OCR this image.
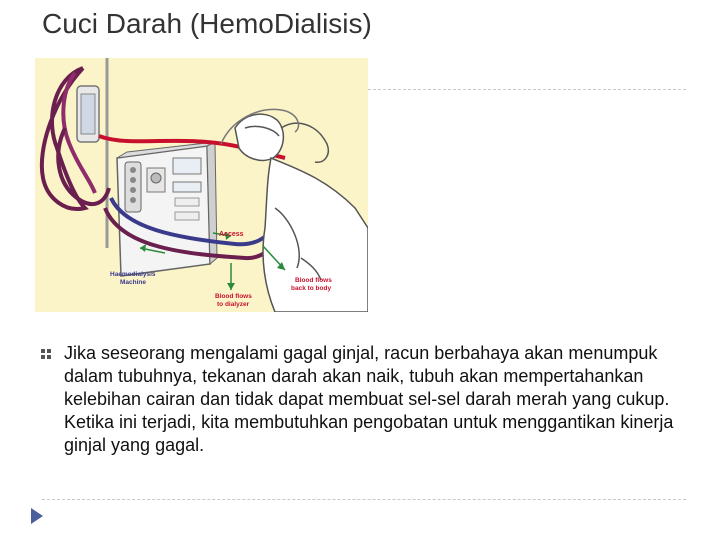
Cuci Darah (HemoDialisis)
Access
Haemodialysis
Machine
Blood flows
to dialyzer
Blood flows
back to body

Jika seseorang mengalami gagal ginjal, racun berbahaya akan menumpuk dalam tubuhnya, tekanan darah akan naik, tubuh akan mempertahankan kelebihan cairan dan tidak dapat membuat sel-sel darah merah yang cukup.

Ketika ini terjadi, kita membutuhkan pengobatan untuk menggantikan kinerja ginjal yang gagal.
